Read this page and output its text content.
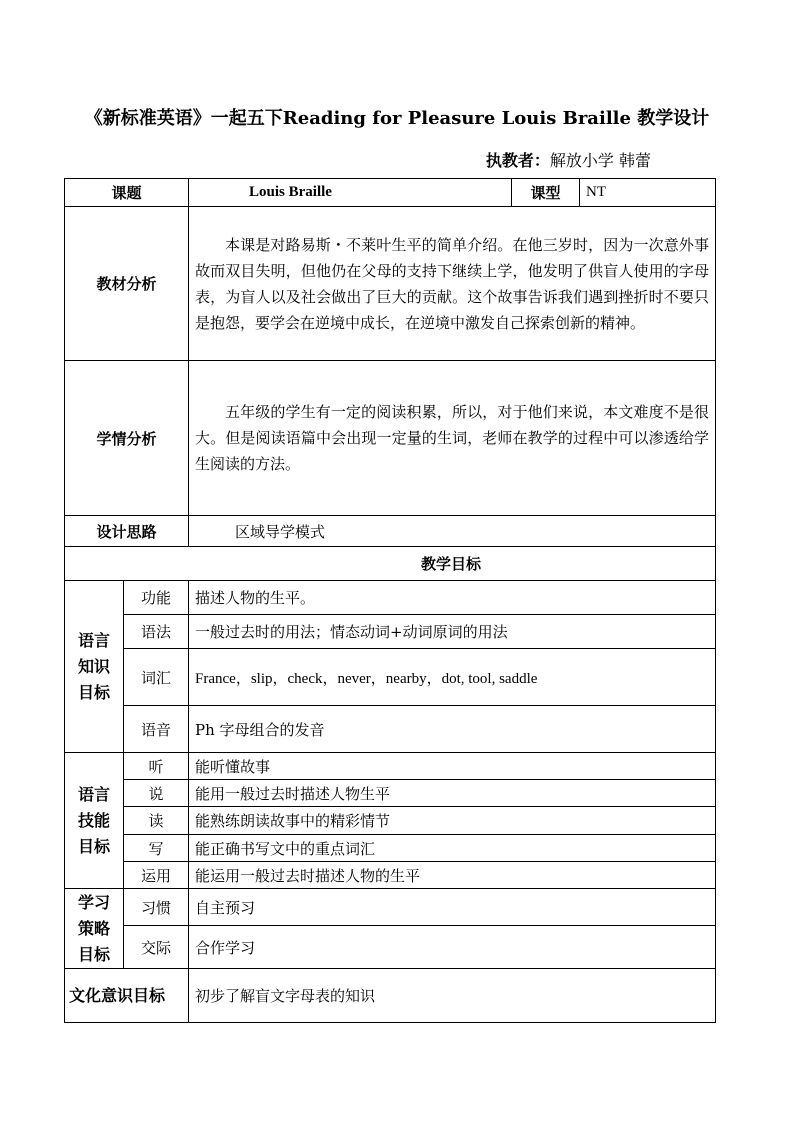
《新标准英语》一起五下Reading for Pleasure Louis Braille 教学设计
执教者：解放小学 韩蕾
课题		Louis Braille	课型	NT
教材分析		本课是对路易斯・不莱叶生平的简单介绍。在他三岁时，因为一次意外事故而双目失明，但他仍在父母的支持下继续上学，他发明了供盲人使用的字母表，为盲人以及社会做出了巨大的贡献。这个故事告诉我们遇到挫折时不要只是抱怨，要学会在逆境中成长，在逆境中激发自己探索创新的精神。		
学情分析		五年级的学生有一定的阅读积累，所以，对于他们来说，本文难度不是很大。但是阅读语篇中会出现一定量的生词，老师在教学的过程中可以渗透给学生阅读的方法。		
设计思路		区域导学模式		
教学目标				
语言知识目标	功能	描述人物的生平。		
	语法	一般过去时的用法；情态动词+动词原词的用法		
	词汇	France，slip，check，never，nearby，dot, tool, saddle		
	语音	Ph 字母组合的发音		
语言技能目标	听	能听懂故事		
	说	能用一般过去时描述人物生平		
	读	能熟练朗读故事中的精彩情节		
	写	能正确书写文中的重点词汇		
	运用	能运用一般过去时描述人物的生平		
学习策略目标	习惯	自主预习		
	交际	合作学习		
文化意识目标		初步了解盲文字母表的知识		
